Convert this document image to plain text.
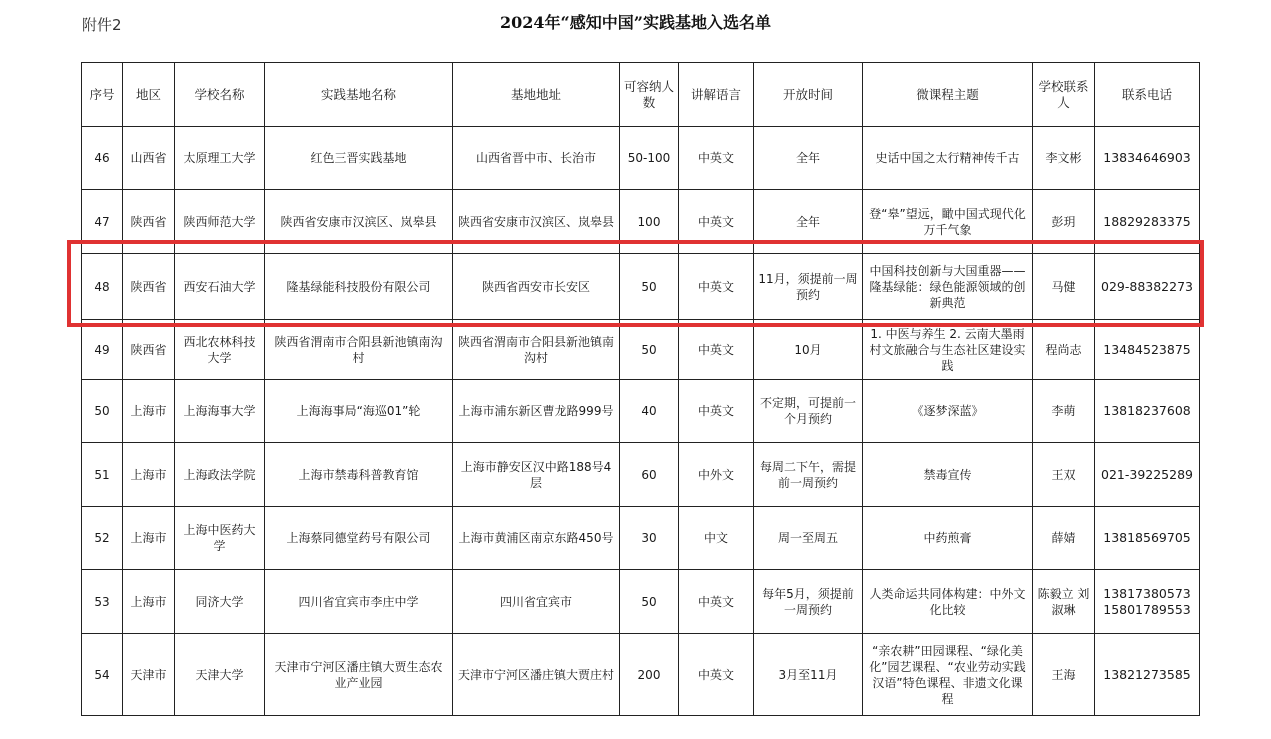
附件2	2024年“感知中国”实践基地入选名单
序号	地区	学校名称	实践基地名称	基地地址	可容纳人数	讲解语言	开放时间	微课程主题	学校联系人	联系电话
46	山西省	太原理工大学	红色三晋实践基地	山西省晋中市、长治市	50-100	中英文	全年	史话中国之太行精神传千古	李文彬	13834646903
47	陕西省	陕西师范大学	陕西省安康市汉滨区、岚皋县	陕西省安康市汉滨区、岚皋县	100	中英文	全年	登“皋”望远，瞰中国式现代化万千气象	彭玥	18829283375
48	陕西省	西安石油大学	隆基绿能科技股份有限公司	陕西省西安市长安区	50	中英文	11月，须提前一周预约	中国科技创新与大国重器—— 隆基绿能：绿色能源领域的创新典范	马健	029-88382273
49	陕西省	西北农林科技大学	陕西省渭南市合阳县新池镇南沟村	陕西省渭南市合阳县新池镇南沟村	50	中英文	10月	1. 中医与养生 2. 云南大墨雨村文旅融合与生态社区建设实践	程尚志	13484523875
50	上海市	上海海事大学	上海海事局“海巡01”轮	上海市浦东新区曹龙路999号	40	中英文	不定期，可提前一个月预约	《逐梦深蓝》	李萌	13818237608
51	上海市	上海政法学院	上海市禁毒科普教育馆	上海市静安区汉中路188号4层	60	中外文	每周二下午，需提前一周预约	禁毒宣传	王双	021-39225289
52	上海市	上海中医药大学	上海蔡同德堂药号有限公司	上海市黄浦区南京东路450号	30	中文	周一至周五	中药煎膏	薛婧	13818569705
53	上海市	同济大学	四川省宜宾市李庄中学	四川省宜宾市	50	中英文	每年5月，须提前一周预约	人类命运共同体构建：中外文化比较	陈毅立 刘淑琳	13817380573 15801789553
54	天津市	天津大学	天津市宁河区潘庄镇大贾生态农业产业园	天津市宁河区潘庄镇大贾庄村	200	中英文	3月至11月	“亲农耕”田园课程、“绿化美化”园艺课程、“农业劳动实践汉语”特色课程、非遗文化课程	王海	13821273585
